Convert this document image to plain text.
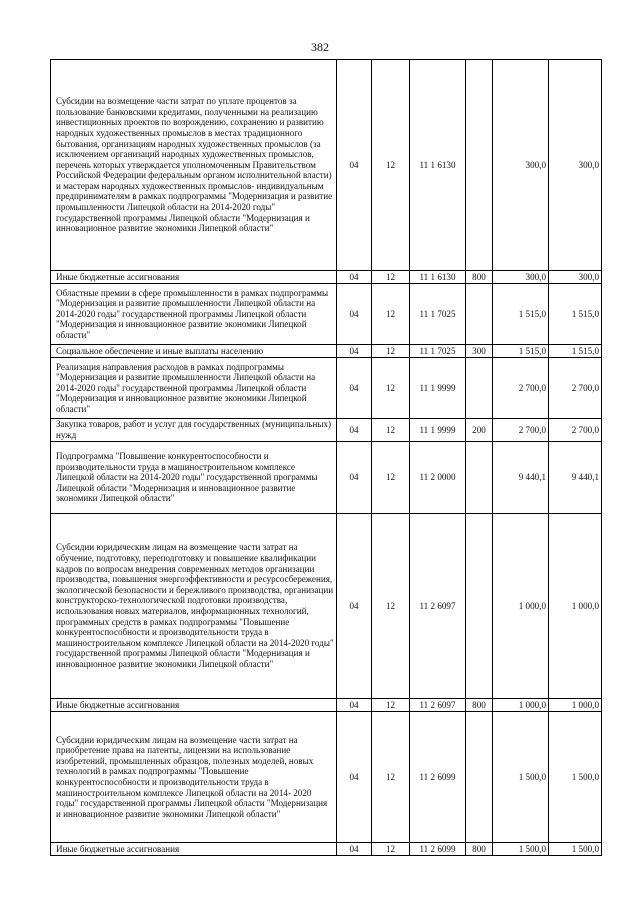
382
Субсидии на возмещение части затрат по уплате процентов за пользование банковскими кредитами, полученными на реализацию инвестиционных проектов по возрождению, сохранению и развитию народных художественных промыслов в местах традиционного бытования, организациям народных художественных промыслов (за исключением организаций народных художественных промыслов, перечень которых утверждается уполномоченным Правительством Российской Федерации федеральным органом исполнительной власти) и мастерам народных художественных промыслов- индивидуальным предпринимателям в рамках подпрограммы "Модернизация и развитие промышленности Липецкой области на 2014-2020 годы" государственной программы Липецкой области "Модернизация и инновационное развитие экономики Липецкой области"	04	12	11 1 6130		300,0	300,0
Иные бюджетные ассигнования	04	12	11 1 6130	800	300,0	300,0
Областные премии в сфере промышленности в рамках подпрограммы "Модернизация и развитие промышленности Липецкой области на 2014-2020 годы" государственной программы Липецкой области "Модернизация и инновационное развитие экономики Липецкой области"	04	12	11 1 7025		1 515,0	1 515,0
Социальное обеспечение и иные выплаты населению	04	12	11 1 7025	300	1 515,0	1 515,0
Реализация направления расходов в рамках подпрограммы "Модернизация и развитие промышленности Липецкой области на 2014-2020 годы" государственной программы Липецкой области "Модернизация и инновационное развитие экономики Липецкой области"	04	12	11 1 9999		2 700,0	2 700,0
Закупка товаров, работ и услуг для государственных (муниципальных) нужд	04	12	11 1 9999	200	2 700,0	2 700,0
Подпрограмма "Повышение конкурентоспособности и производительности труда в машиностроительном комплексе Липецкой области на 2014-2020 годы" государственной программы Липецкой области "Модернизация и инновационное развитие экономики Липецкой области"	04	12	11 2 0000		9 440,1	9 440,1
Субсидии юридическим лицам на возмещение части затрат на обучение, подготовку, переподготовку и повышение квалификации кадров по вопросам внедрения современных методов организации производства, повышения энергоэффективности и ресурсосбережения, экологической безопасности и бережливого производства, организации конструкторско-технологической подготовки производства, использования новых материалов, информационных технологий, программных средств в рамках подпрограммы "Повышение конкурентоспособности и производительности труда в машиностроительном комплексе Липецкой области на 2014-2020 годы" государственной программы Липецкой области "Модернизация и инновационное развитие экономики Липецкой области"	04	12	11 2 6097		1 000,0	1 000,0
Иные бюджетные ассигнования	04	12	11 2 6097	800	1 000,0	1 000,0
Субсидии юридическим лицам на возмещение части затрат на приобретение права на патенты, лицензии на использование изобретений, промышленных образцов, полезных моделей, новых технологий в рамках подпрограммы "Повышение конкурентоспособности и производительности труда в машиностроительном комплексе Липецкой области на 2014- 2020 годы" государственной программы Липецкой области "Модернизация и инновационное развитие экономики Липецкой области"	04	12	11 2 6099		1 500,0	1 500,0
Иные бюджетные ассигнования	04	12	11 2 6099	800	1 500,0	1 500,0
